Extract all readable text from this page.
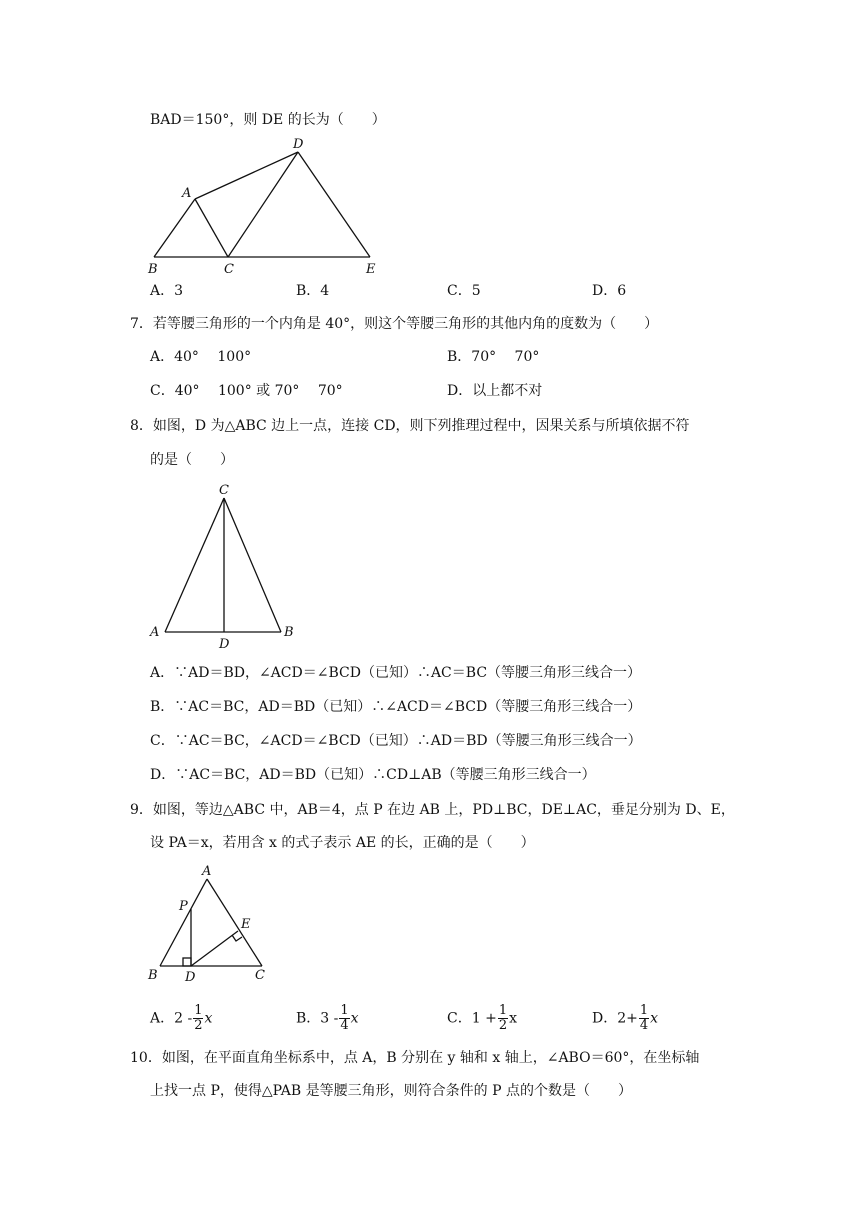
BAD＝150°，则 DE 的长为（　　）
A
B	C
D
E
A．3	B．4	C．5	D．6
7．若等腰三角形的一个内角是 40°，则这个等腰三角形的其他内角的度数为（　　）
A．40°　 100°	B．70°　 70°
C．40°　 100° 或 70°　 70°	D．以上都不对
8．如图，D 为△ABC 边上一点，连接 CD，则下列推理过程中，因果关系与所填依据不符
的是（　　）
C
A	B
D
A．∵AD＝BD，∠ACD＝∠BCD（已知）∴AC＝BC（等腰三角形三线合一）
B．∵AC＝BC，AD＝BD（已知）∴∠ACD＝∠BCD（等腰三角形三线合一）
C．∵AC＝BC，∠ACD＝∠BCD（已知）∴AD＝BD（等腰三角形三线合一）
D．∵AC＝BC，AD＝BD（已知）∴CD⊥AB（等腰三角形三线合一）
9．如图，等边△ABC 中，AB＝4，点 P 在边 AB 上，PD⊥BC，DE⊥AC，垂足分别为 D、E，
设 PA＝x，若用含 x 的式子表示 AE 的长，正确的是（　　）
A
P
E
B D	C
A．$2 - \frac{1}{2}$ x	B．$3 - \frac{1}{4}$ x	C．$1 + \frac{1}{2}$ x	D．$2+ \frac{1}{4}$ x
10．如图，在平面直角坐标系中，点 A，B 分别在 y 轴和 x 轴上，∠ABO＝60°，在坐标轴
上找一点 P，使得△PAB 是等腰三角形，则符合条件的 P 点的个数是（　　）
